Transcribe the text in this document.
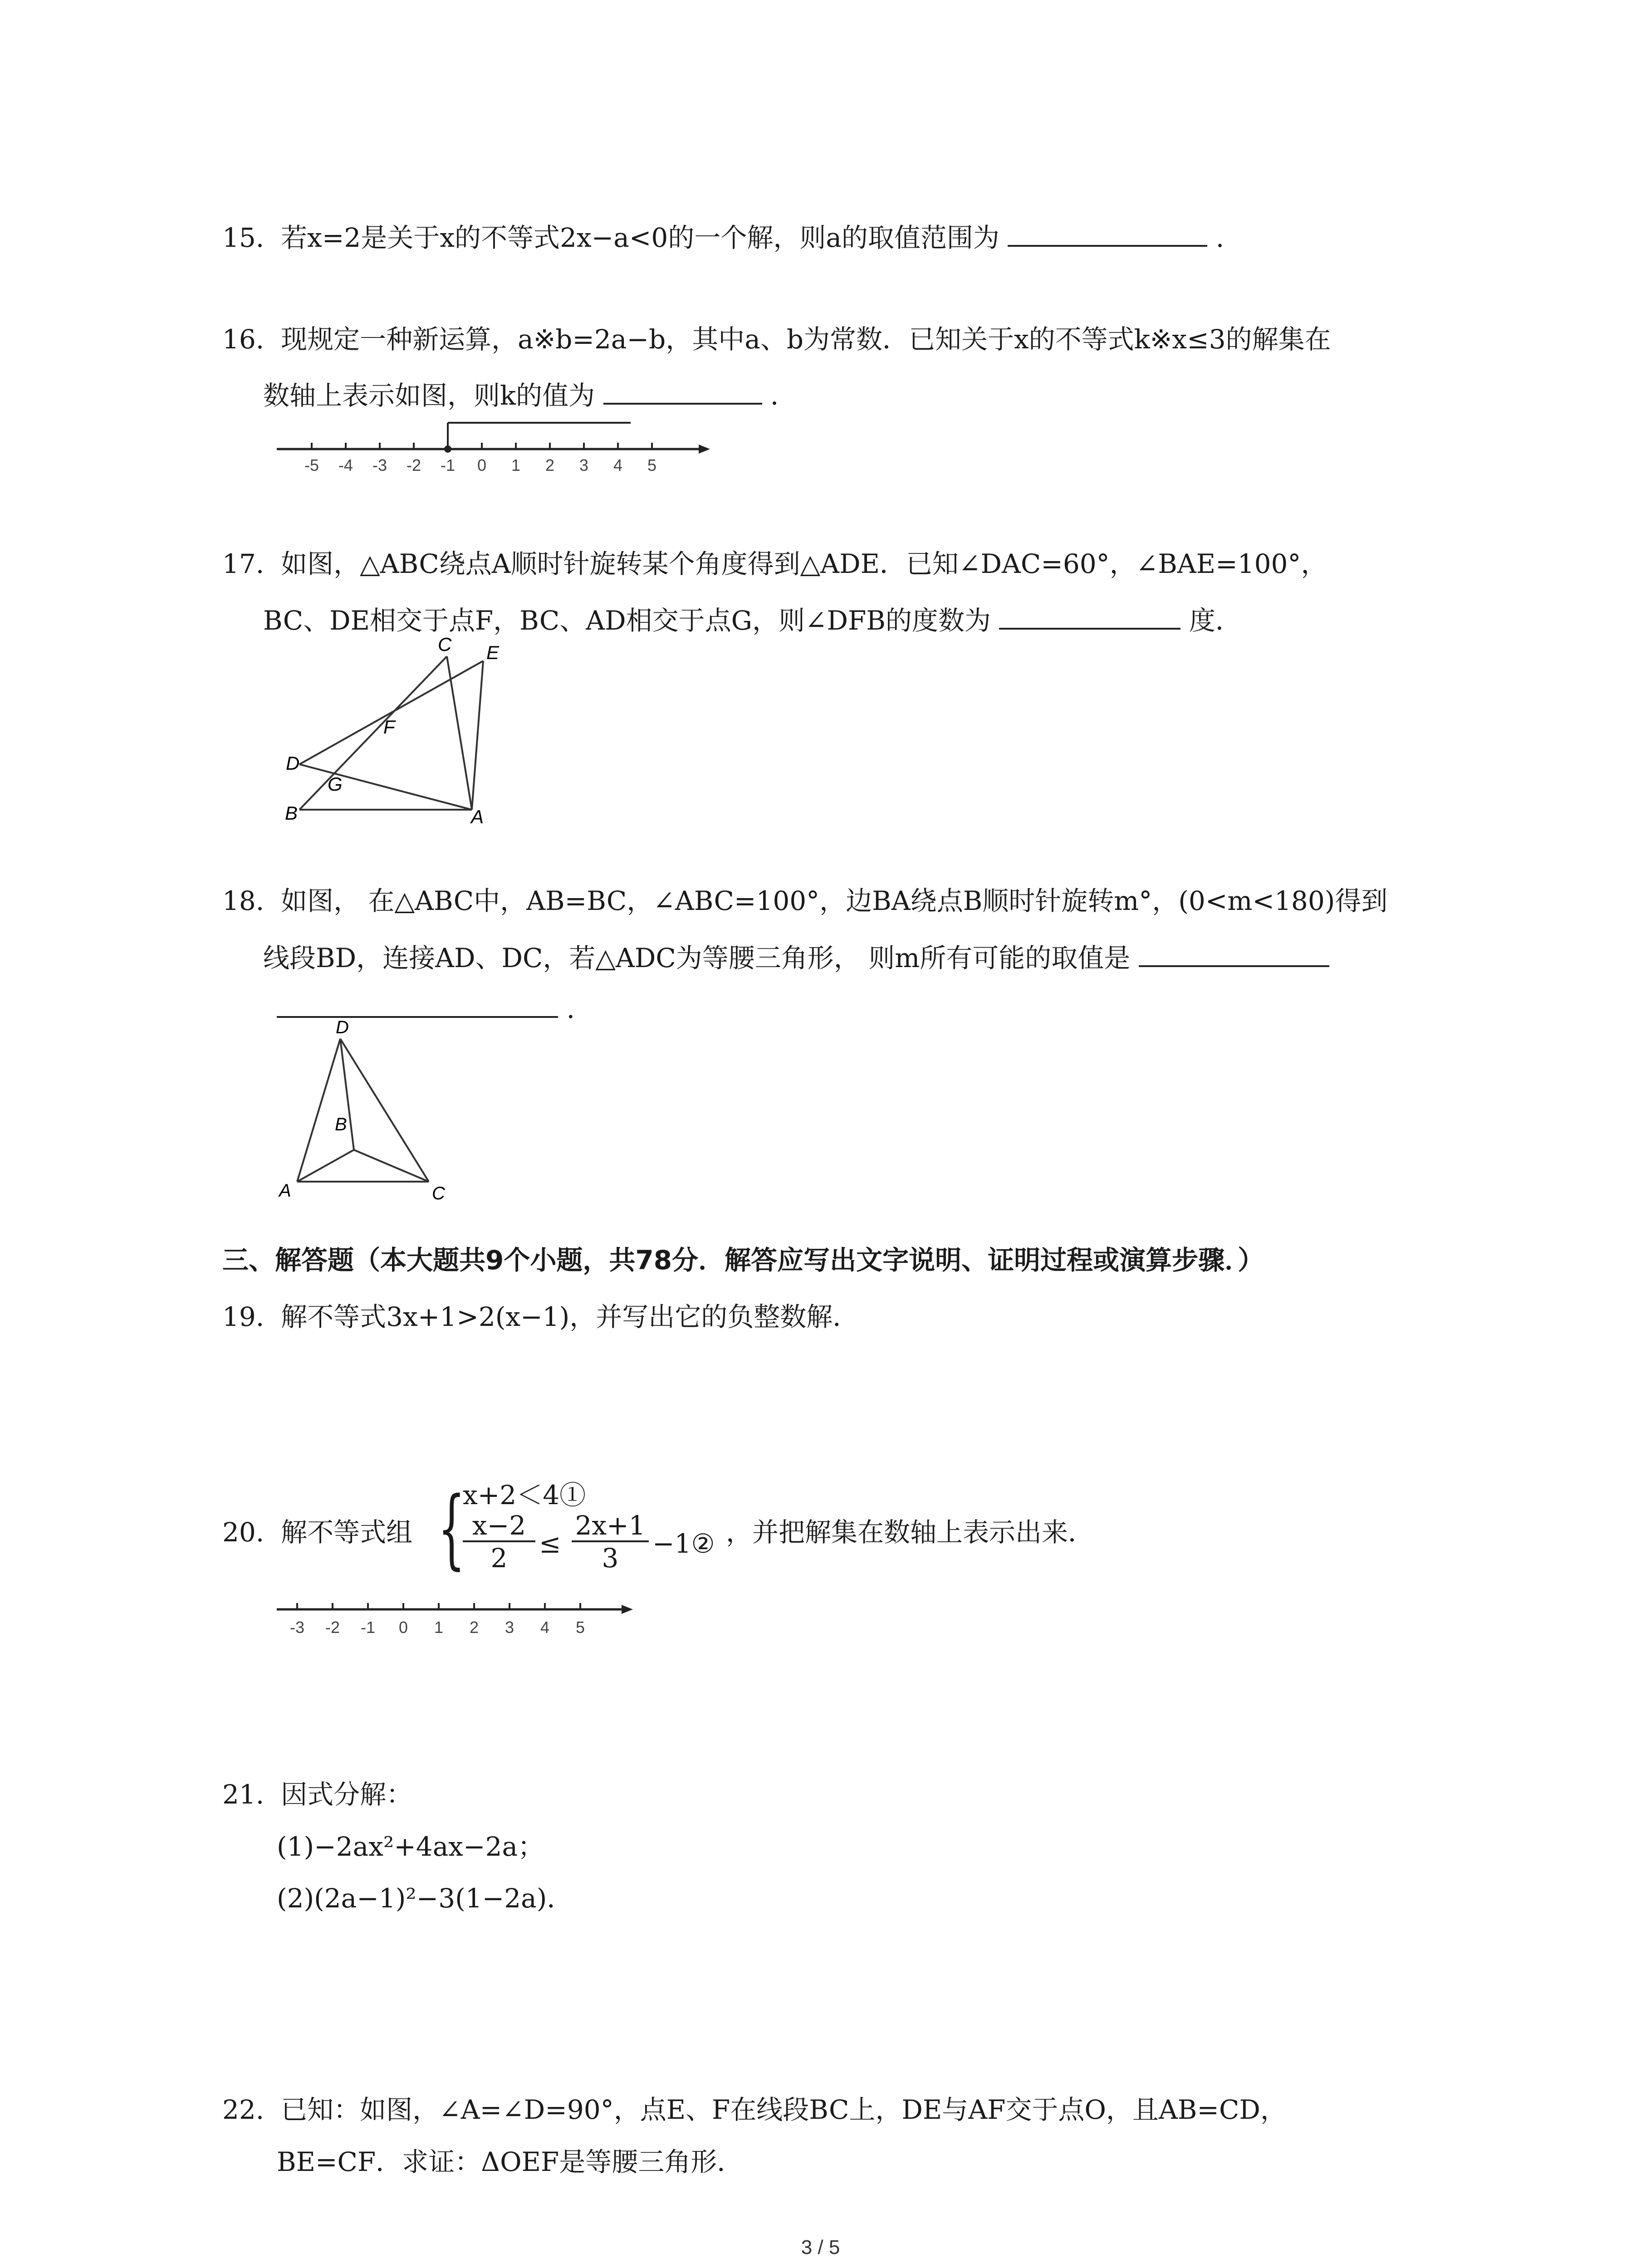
15. 若x=2是关于x的不等式2x−a<0的一个解，则a的取值范围为	.
16. 现规定一种新运算，a※b=2a−b，其中a、b为常数．已知关于x的不等式k※x≤3的解集在
数轴上表示如图，则k的值为	．
-5 -4 -3 -2 -1 0 1 2 3 4 5
17. 如图，△ABC绕点A顺时针旋转某个角度得到△ADE．已知∠DAC=60°，∠BAE=100°，
BC、DE相交于点F，BC、AD相交于点G，则∠DFB的度数为	度．
C E
F
D
G
B	A
18. 如图， 在△ABC中，AB=BC，∠ABC=100°，边BA绕点B顺时针旋转m°，(0<m<180)得到
线段BD，连接AD、DC，若△ADC为等腰三角形， 则m所有可能的取值是
.
D
B
A	C
三、解答题（本大题共9个小题，共78分．解答应写出文字说明、证明过程或演算步骤．）
19. 解不等式3x+1>2(x−1)，并写出它的负整数解．
20. 解不等式组 {
x+2＜4①
$\frac{x-2}{2} \le \frac{2x+1}{3}$ −1② ，并把解集在数轴上表示出来．
-3 -2 -1 0 1 2 3 4 5
21. 因式分解：
(1)−2ax²+4ax−2a；
(2)(2a−1)²−3(1−2a)．
22. 已知：如图，∠A=∠D=90°，点E、F在线段BC上，DE与AF交于点O，且AB=CD，
BE=CF．求证：ΔOEF是等腰三角形．
3 / 5
